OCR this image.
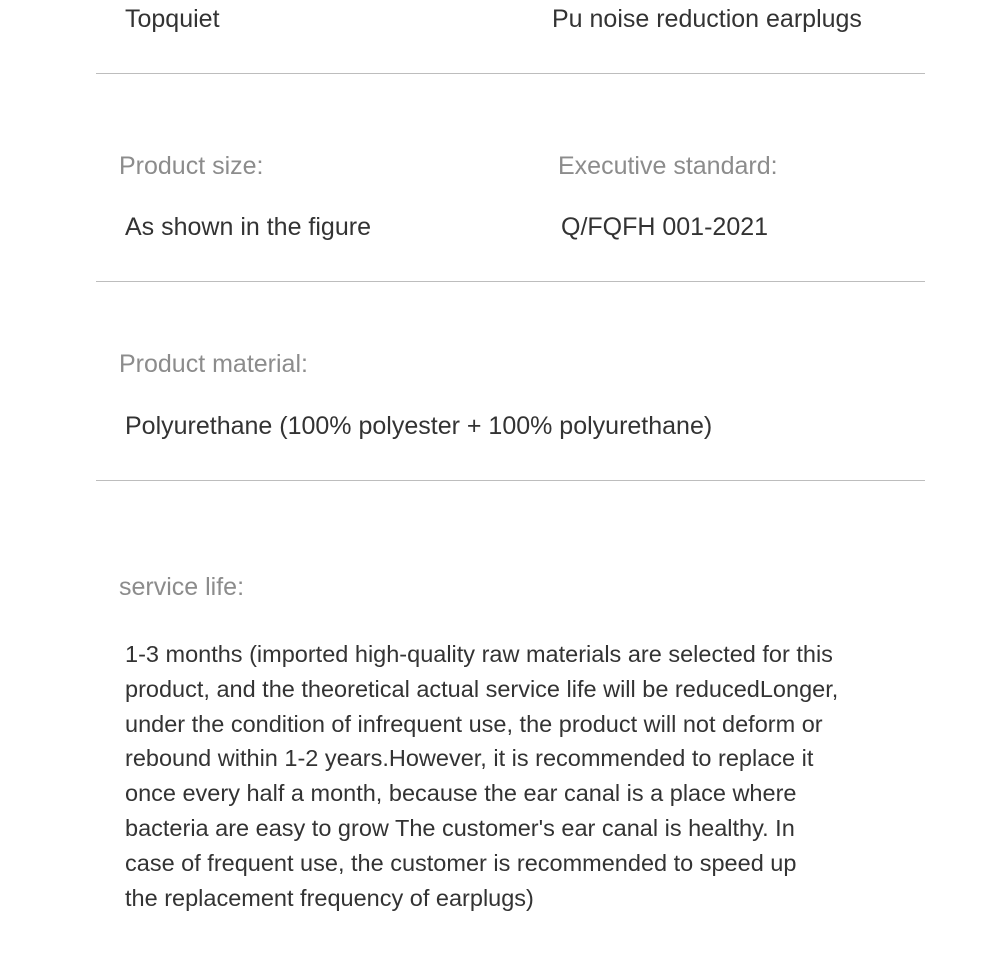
Topquiet	Pu noise reduction earplugs
Product size:	Executive standard:
As shown in the figure	Q/FQFH 001-2021
Product material:
Polyurethane (100% polyester + 100% polyurethane)
service life:
1-3 months (imported high-quality raw materials are selected for this
product, and the theoretical actual service life will be reducedLonger,
under the condition of infrequent use, the product will not deform or
rebound within 1-2 years.However, it is recommended to replace it
once every half a month, because the ear canal is a place where
bacteria are easy to grow The customer's ear canal is healthy. In
case of frequent use, the customer is recommended to speed up
the replacement frequency of earplugs)
